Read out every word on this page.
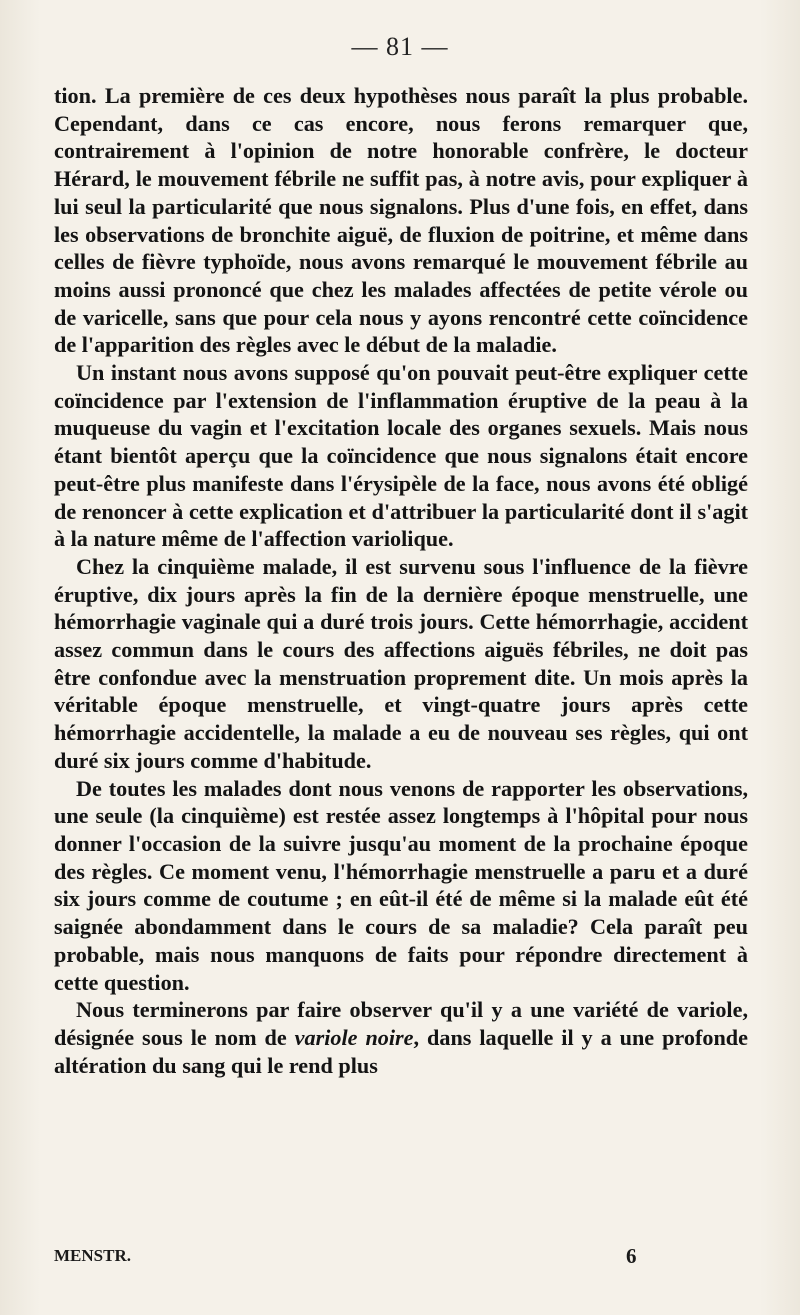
— 81 —

tion. La première de ces deux hypothèses nous paraît la plus probable. Cependant, dans ce cas encore, nous ferons remarquer que, contrairement à l'opinion de notre honorable confrère, le docteur Hérard, le mouvement fébrile ne suffit pas, à notre avis, pour expliquer à lui seul la particularité que nous signalons. Plus d'une fois, en effet, dans les observations de bronchite aiguë, de fluxion de poitrine, et même dans celles de fièvre typhoïde, nous avons remarqué le mouvement fébrile au moins aussi prononcé que chez les malades affectées de petite vérole ou de varicelle, sans que pour cela nous y ayons rencontré cette coïncidence de l'apparition des règles avec le début de la maladie.

Un instant nous avons supposé qu'on pouvait peut-être expliquer cette coïncidence par l'extension de l'inflammation éruptive de la peau à la muqueuse du vagin et l'excitation locale des organes sexuels. Mais nous étant bientôt aperçu que la coïncidence que nous signalons était encore peut-être plus manifeste dans l'érysipèle de la face, nous avons été obligé de renoncer à cette explication et d'attribuer la particularité dont il s'agit à la nature même de l'affection variolique.

Chez la cinquième malade, il est survenu sous l'influence de la fièvre éruptive, dix jours après la fin de la dernière époque menstruelle, une hémorrhagie vaginale qui a duré trois jours. Cette hémorrhagie, accident assez commun dans le cours des affections aiguës fébriles, ne doit pas être confondue avec la menstruation proprement dite. Un mois après la véritable époque menstruelle, et vingt-quatre jours après cette hémorrhagie accidentelle, la malade a eu de nouveau ses règles, qui ont duré six jours comme d'habitude.

De toutes les malades dont nous venons de rapporter les observations, une seule (la cinquième) est restée assez longtemps à l'hôpital pour nous donner l'occasion de la suivre jusqu'au moment de la prochaine époque des règles. Ce moment venu, l'hémorrhagie menstruelle a paru et a duré six jours comme de coutume ; en eût-il été de même si la malade eût été saignée abondamment dans le cours de sa maladie? Cela paraît peu probable, mais nous manquons de faits pour répondre directement à cette question.

Nous terminerons par faire observer qu'il y a une variété de variole, désignée sous le nom de variole noire, dans laquelle il y a une profonde altération du sang qui le rend plus

MENSTR.	6
